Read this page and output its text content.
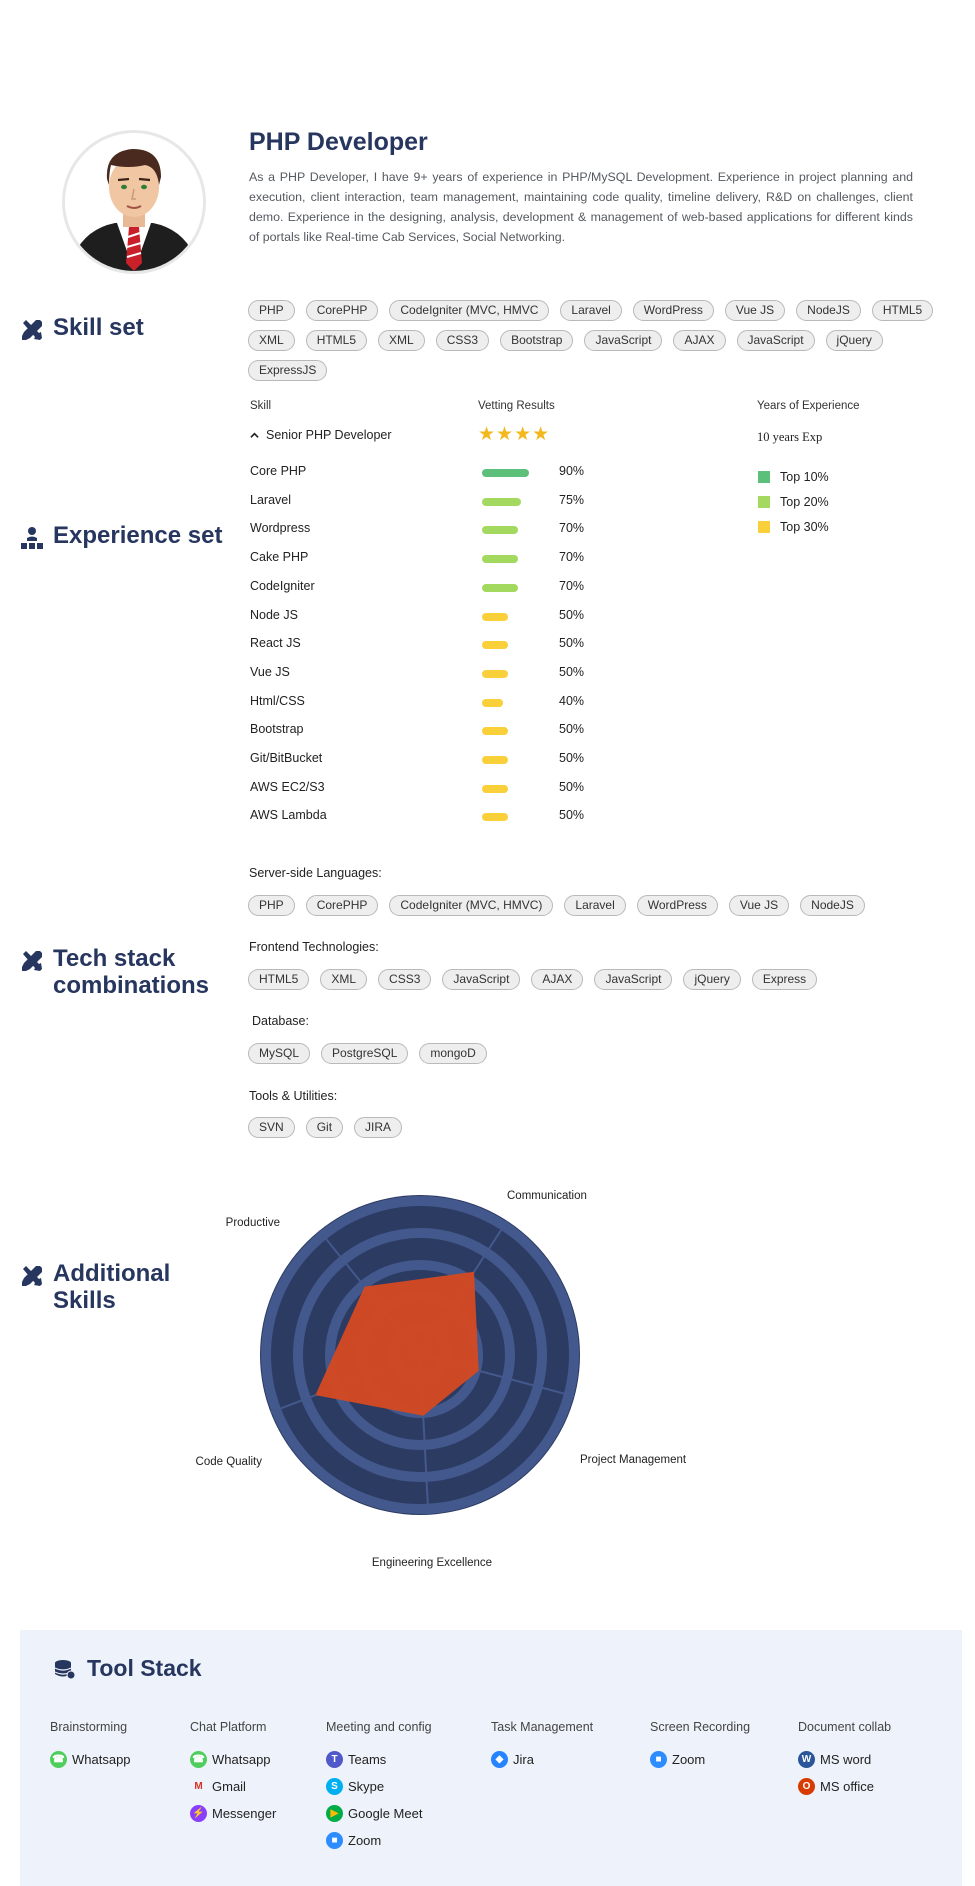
PHP Developer
As a PHP Developer, I have 9+ years of experience in PHP/MySQL Development. Experience in project planning and execution, client interaction, team management, maintaining code quality, timeline delivery, R&D on challenges, client demo. Experience in the designing, analysis, development & management of web-based applications for different kinds of portals like Real-time Cab Services, Social Networking.
Skill set
PHP	CorePHP	CodeIgniter (MVC, HMVC	Laravel	WordPress	Vue JS	NodeJS	HTML5
XML	HTML5	XML	CSS3	Bootstrap	JavaScript	AJAX	JavaScript	jQuery
ExpressJS
Experience set
Skill	Vetting Results	Years of Experience
Senior PHP Developer	★ ★ ★ ★	10 years Exp
Top 10%
Top 20%
Top 30%
Core PHP	90%
Laravel	75%
Wordpress	70%
Cake PHP	70%
CodeIgniter	70%
Node JS	50%
React JS	50%
Vue JS	50%
Html/CSS	40%
Bootstrap	50%
Git/BitBucket	50%
AWS EC2/S3	50%
AWS Lambda	50%
Tech stack
combinations
Server-side Languages:
PHP	CorePHP	CodeIgniter (MVC, HMVC)	Laravel	WordPress	Vue JS	NodeJS
Frontend Technologies:
HTML5	XML	CSS3	JavaScript	AJAX	JavaScript	jQuery	Express
Database:
MySQL	PostgreSQL	mongoD
Tools & Utilities:
SVN	Git	JIRA
Additional
Skills
Communication
Project Management
Engineering Excellence
Code Quality
Productive
Tool Stack
Brainstorming
☎ Whatsapp
Chat Platform
☎ Whatsapp
M Gmail
⚡ Messenger
Meeting and config
T Teams
S Skype
▶ Google Meet
■ Zoom
Task Management
◆ Jira
Screen Recording
■ Zoom
Document collab
W MS word
O MS office
